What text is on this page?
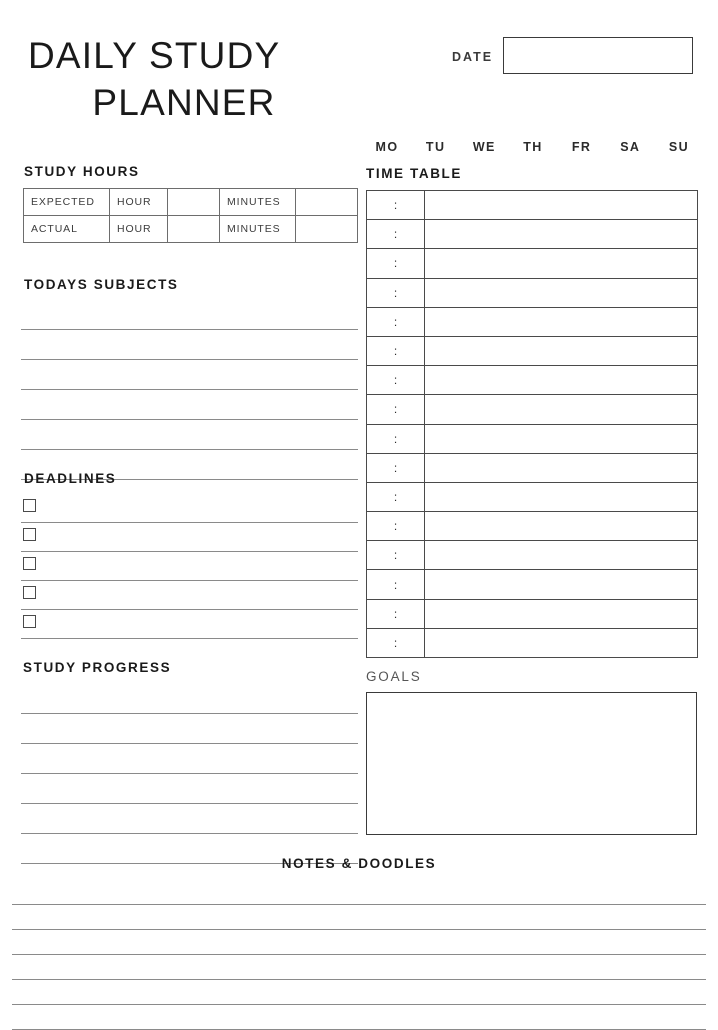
DAILY STUDY
PLANNER
DATE
MO	TU	WE	TH	FR	SA	SU
STUDY HOURS
EXPECTED	HOUR		MINUTES	
ACTUAL	HOUR		MINUTES	
TODAYS SUBJECTS
DEADLINES
STUDY PROGRESS
TIME TABLE
:	
:	
:	
:	
:	
:	
:	
:	
:	
:	
:	
:	
:	
:	
:	
:	
GOALS
NOTES & DOODLES
